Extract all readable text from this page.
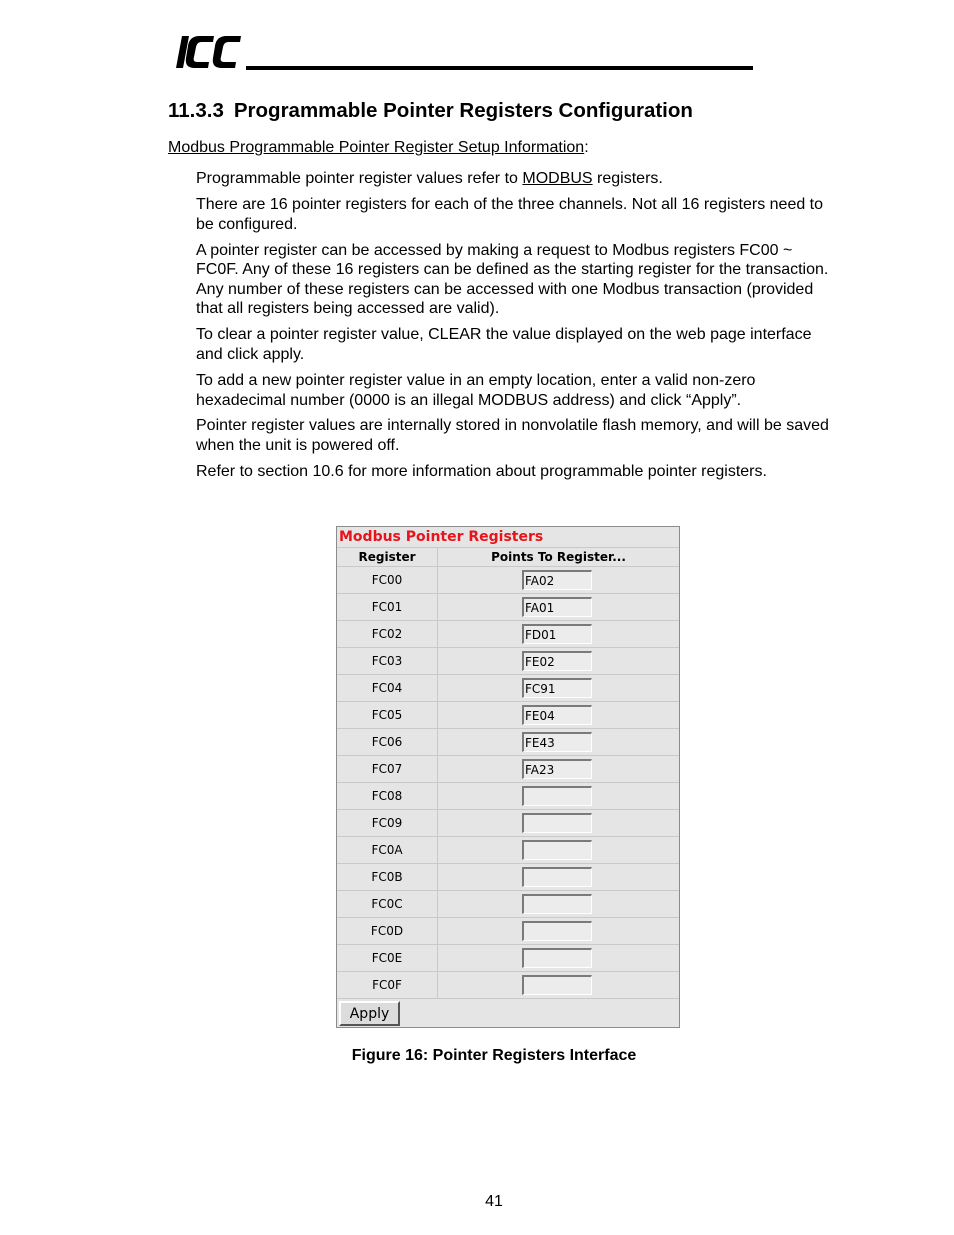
11.3.3 Programmable Pointer Registers Configuration

Modbus Programmable Pointer Register Setup Information:

Programmable pointer register values refer to MODBUS registers.
There are 16 pointer registers for each of the three channels. Not all 16 registers need to be configured.
A pointer register can be accessed by making a request to Modbus registers FC00 ~ FC0F. Any of these 16 registers can be defined as the starting register for the transaction. Any number of these registers can be accessed with one Modbus transaction (provided that all registers being accessed are valid).
To clear a pointer register value, CLEAR the value displayed on the web page interface and click apply.
To add a new pointer register value in an empty location, enter a valid non-zero hexadecimal number (0000 is an illegal MODBUS address) and click “Apply”.
Pointer register values are internally stored in nonvolatile flash memory, and will be saved when the unit is powered off.
Refer to section 10.6 for more information about programmable pointer registers.
Modbus Pointer Registers
Register	Points To Register...
FC00
FA02
FC01
FA01
FC02
FD01
FC03
FE02
FC04
FC91
FC05
FE04
FC06
FE43
FC07
FA23
FC08
FC09
FC0A
FC0B
FC0C
FC0D
FC0E
FC0F
Apply

Figure 16: Pointer Registers Interface

41
